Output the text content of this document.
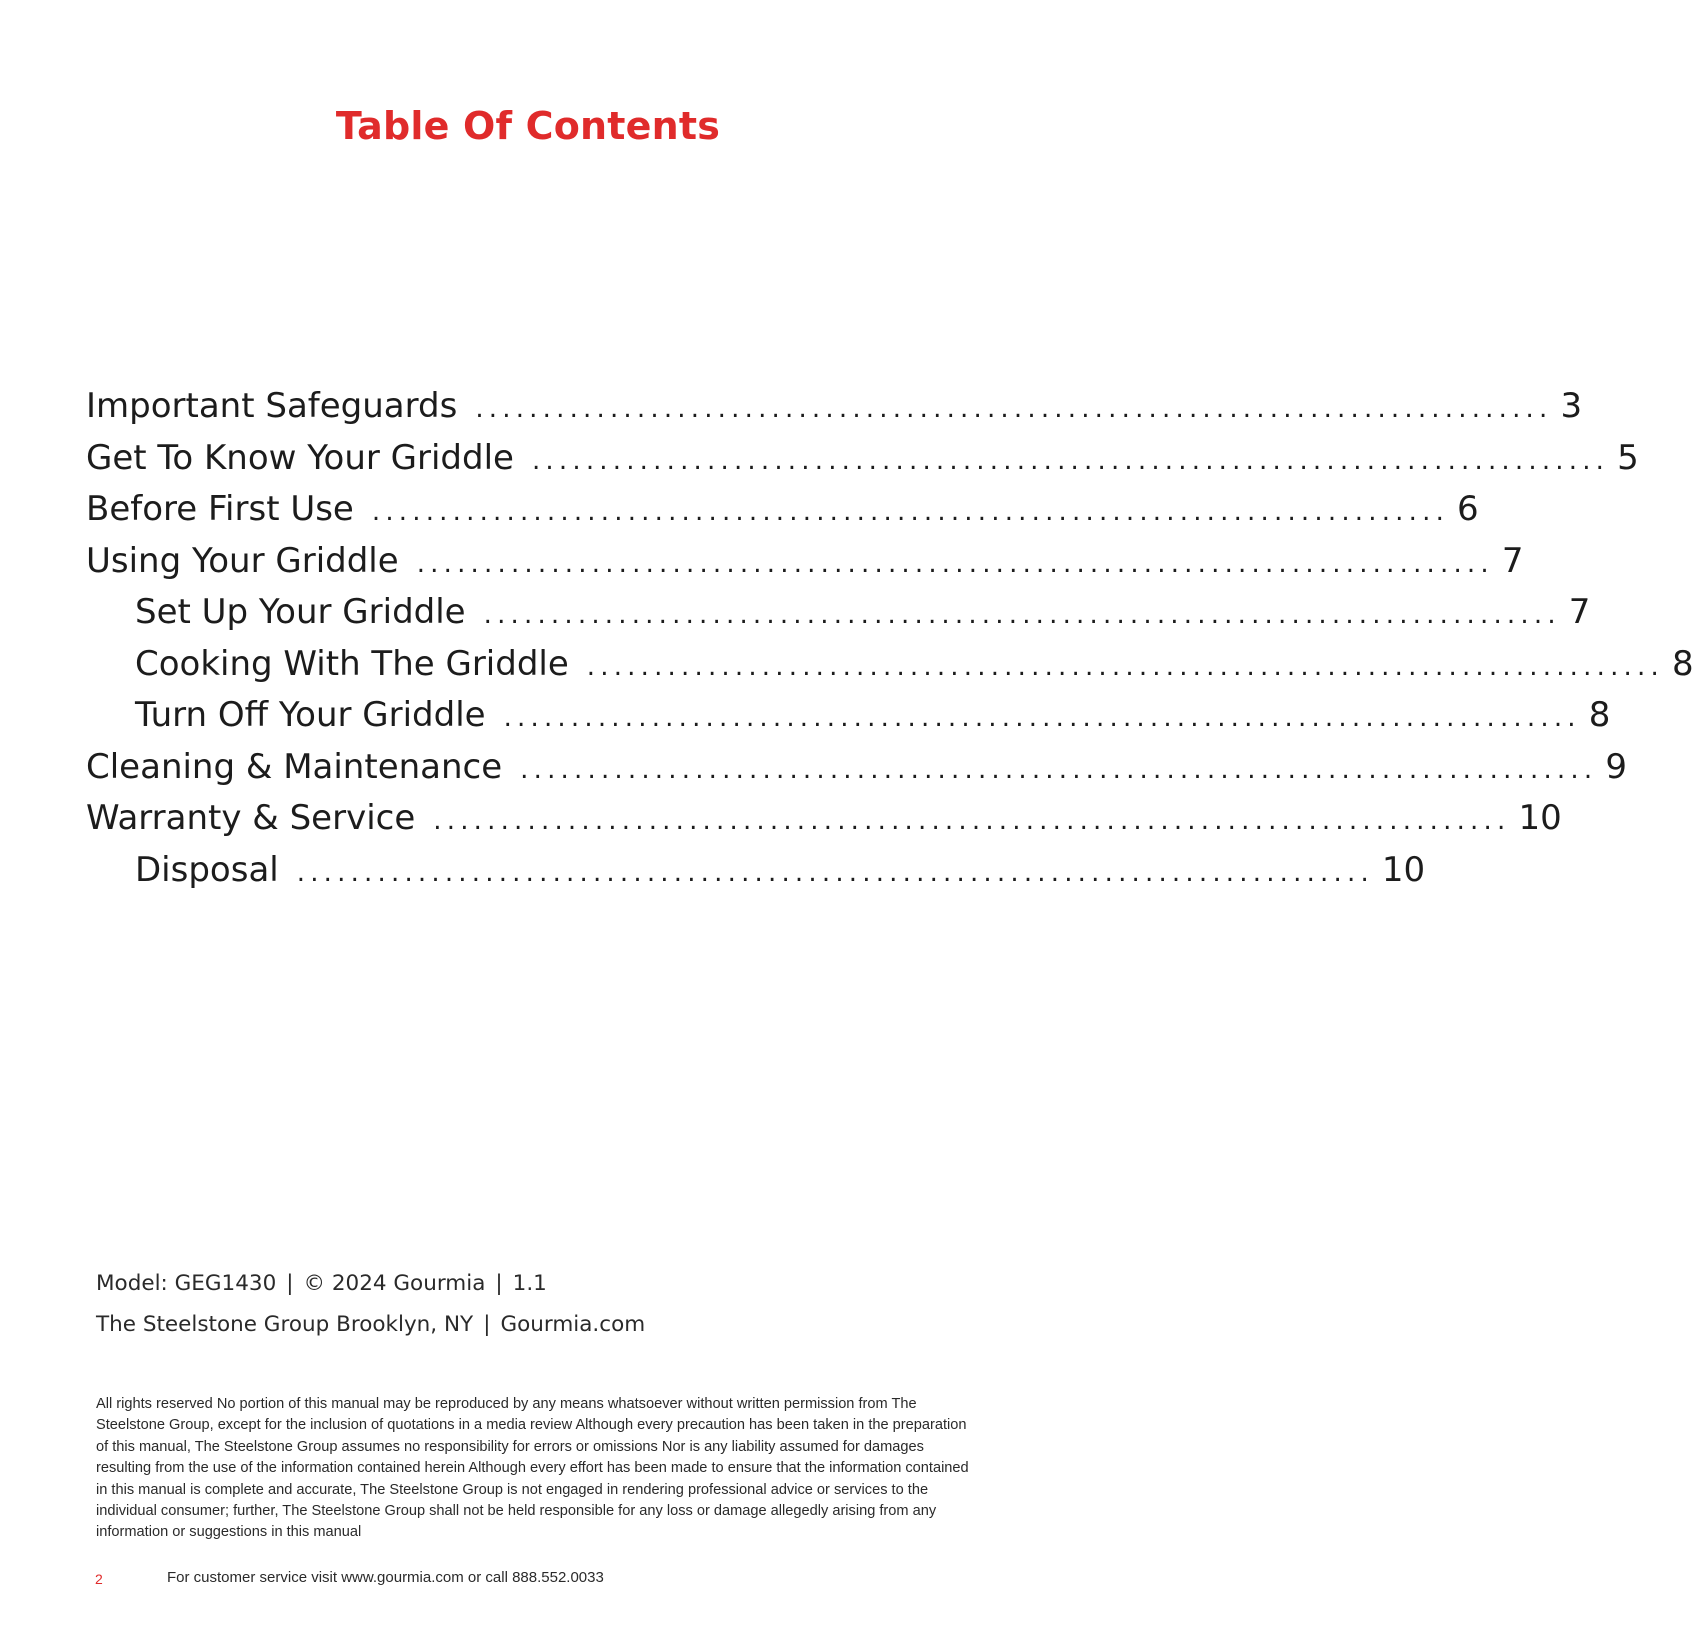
Table Of Contents
Important Safeguards ................................................................................ 3
Get To Know Your Griddle ................................................................................ 5
Before First Use ................................................................................ 6
Using Your Griddle ................................................................................ 7
Set Up Your Griddle ................................................................................ 7
Cooking With The Griddle ................................................................................ 8
Turn Off Your Griddle ................................................................................ 8
Cleaning & Maintenance ................................................................................ 9
Warranty & Service ................................................................................ 10
Disposal ................................................................................ 10
Model: GEG1430 | © 2024 Gourmia | 1.1
The Steelstone Group Brooklyn, NY | Gourmia.com

All rights reserved No portion of this manual may be reproduced by any means whatsoever without written permission from The Steelstone Group, except for the inclusion of quotations in a media review Although every precaution has been taken in the preparation of this manual, The Steelstone Group assumes no responsibility for errors or omissions Nor is any liability assumed for damages resulting from the use of the information contained herein Although every effort has been made to ensure that the information contained in this manual is complete and accurate, The Steelstone Group is not engaged in rendering professional advice or services to the individual consumer; further, The Steelstone Group shall not be held responsible for any loss or damage allegedly arising from any information or suggestions in this manual

2	For customer service visit www.gourmia.com or call 888.552.0033
